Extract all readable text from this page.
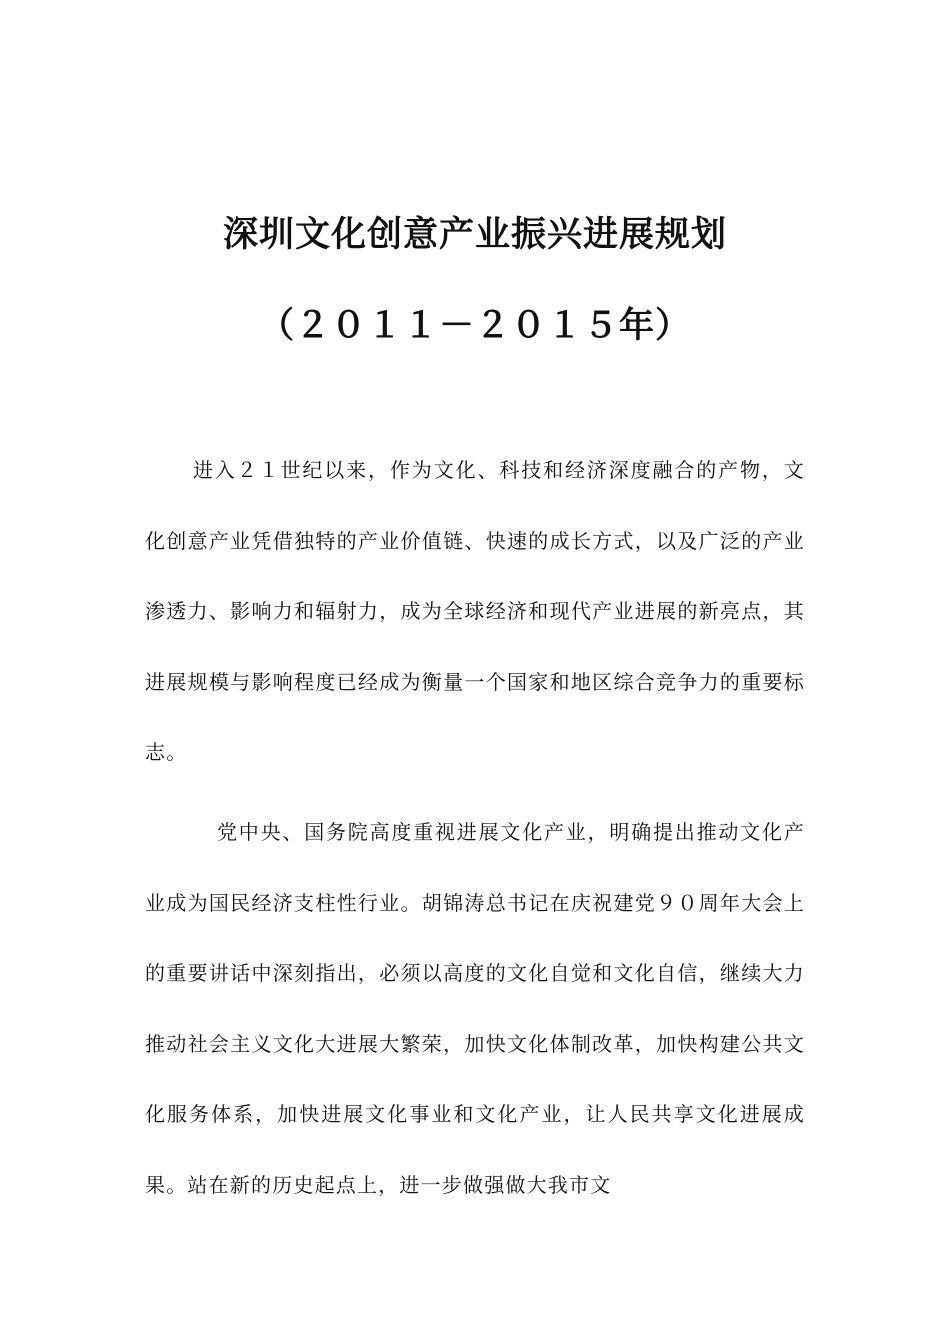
深圳文化创意产业振兴进展规划
（２０１１－２０１５年）
进入２１世纪以来，作为文化、科技和经济深度融合的产物，文化创意产业凭借独特的产业价值链、快速的成长方式，以及广泛的产业渗透力、影响力和辐射力，成为全球经济和现代产业进展的新亮点，其进展规模与影响程度已经成为衡量一个国家和地区综合竞争力的重要标志。
党中央、国务院高度重视进展文化产业，明确提出推动文化产业成为国民经济支柱性行业。胡锦涛总书记在庆祝建党９０周年大会上的重要讲话中深刻指出，必须以高度的文化自觉和文化自信，继续大力推动社会主义文化大进展大繁荣，加快文化体制改革，加快构建公共文化服务体系，加快进展文化事业和文化产业，让人民共享文化进展成果。站在新的历史起点上，进一步做强做大我市文
